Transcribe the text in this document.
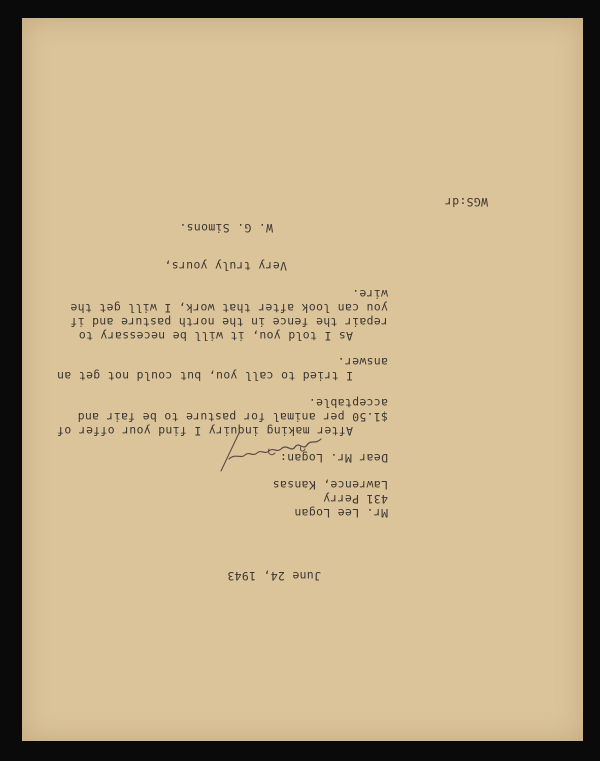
June 24, 1943
Mr. Lee Logan
431 Perry
Lawrence, Kansas
Dear Mr. Logan:
After making inquiry I find your offer of
$1.50 per animal for pasture to be fair and
acceptable.
I tried to call you, but could not get an
answer.
As I told you, it will be necessary to
repair the fence in the north pasture and if
you can look after that work, I will get the
wire.
Very truly yours,
W. G. Simons.
WGS:dr
